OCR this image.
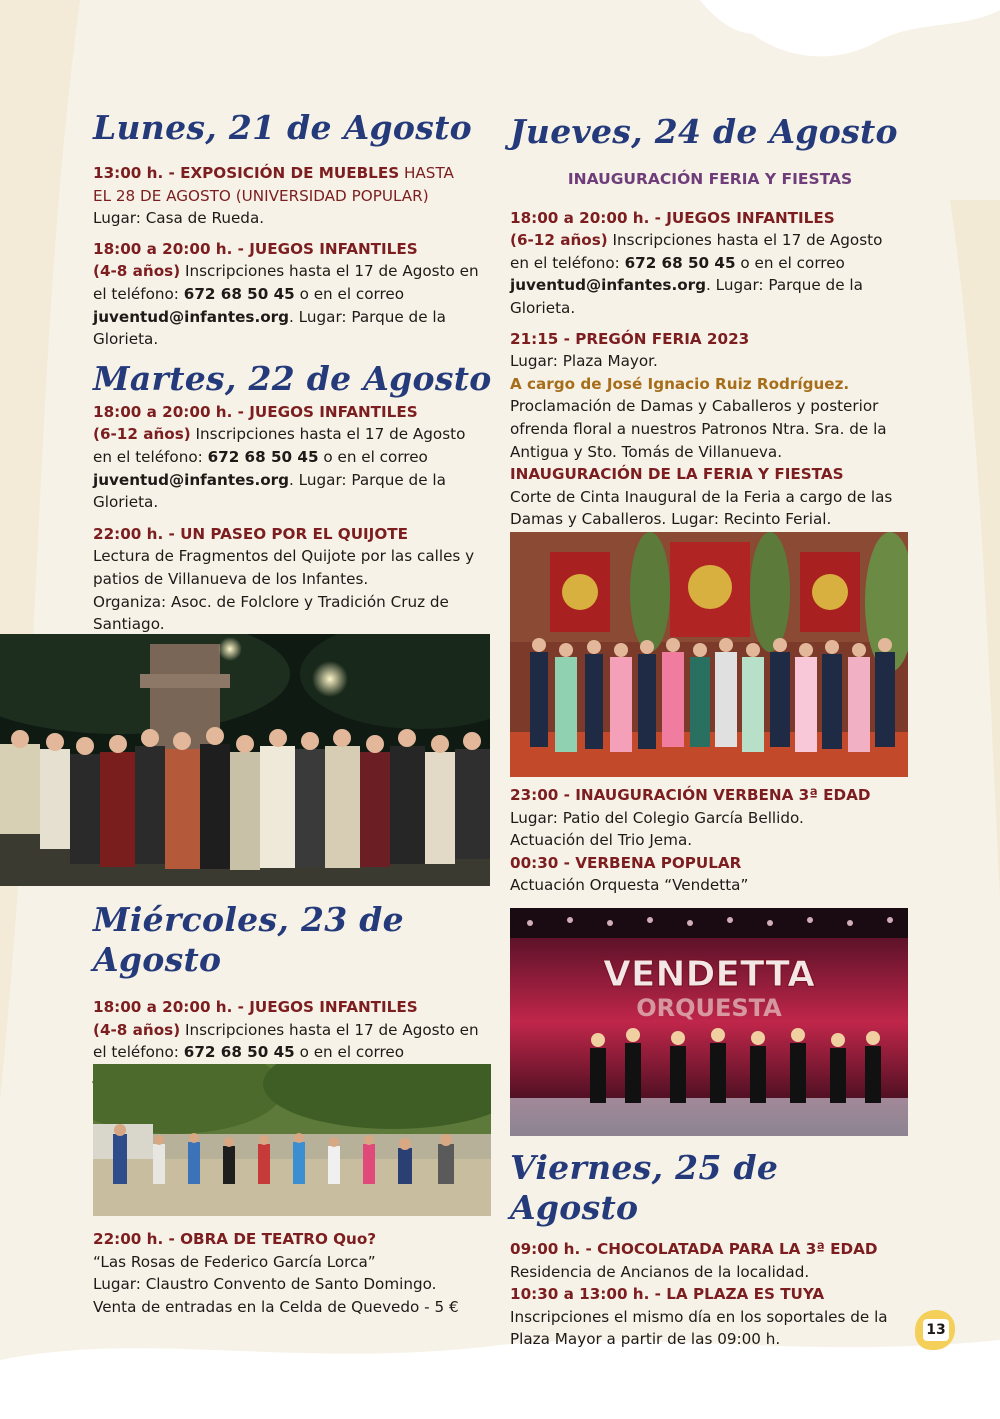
Lunes, 21 de Agosto

13:00 h. - EXPOSICIÓN DE MUEBLES HASTA

EL 28 DE AGOSTO (UNIVERSIDAD POPULAR)

Lugar: Casa de Rueda.

18:00 a 20:00 h. - JUEGOS INFANTILES

(4-8 años) Inscripciones hasta el 17 de Agosto en

el teléfono: 672 68 50 45 o en el correo

juventud@infantes.org. Lugar: Parque de la Glorieta.

Martes, 22 de Agosto

18:00 a 20:00 h. - JUEGOS INFANTILES

(6-12 años) Inscripciones hasta el 17 de Agosto

en el teléfono: 672 68 50 45 o en el correo

juventud@infantes.org. Lugar: Parque de la Glorieta.

22:00 h. - UN PASEO POR EL QUIJOTE

Lectura de Fragmentos del Quijote por las calles y

patios de Villanueva de los Infantes.

Organiza: Asoc. de Folclore y Tradición Cruz de

Santiago.

Miércoles, 23 de Agosto

18:00 a 20:00 h. - JUEGOS INFANTILES

(4-8 años) Inscripciones hasta el 17 de Agosto en

el teléfono: 672 68 50 45 o en el correo

22:00 h. - OBRA DE TEATRO Quo?

“Las Rosas de Federico García Lorca”

Lugar: Claustro Convento de Santo Domingo.

Venta de entradas en la Celda de Quevedo - 5 €

Jueves, 24 de Agosto

INAUGURACIÓN FERIA Y FIESTAS

18:00 a 20:00 h. - JUEGOS INFANTILES

(6-12 años) Inscripciones hasta el 17 de Agosto

en el teléfono: 672 68 50 45 o en el correo

juventud@infantes.org. Lugar: Parque de la Glorieta.

21:15 - PREGÓN FERIA 2023

Lugar: Plaza Mayor.

A cargo de José Ignacio Ruiz Rodríguez.

Proclamación de Damas y Caballeros y posterior

ofrenda floral a nuestros Patronos Ntra. Sra. de la

Antigua y Sto. Tomás de Villanueva.

INAUGURACIÓN DE LA FERIA Y FIESTAS

Corte de Cinta Inaugural de la Feria a cargo de las

Damas y Caballeros. Lugar: Recinto Ferial.

23:00 - INAUGURACIÓN VERBENA 3ª EDAD

Lugar: Patio del Colegio García Bellido.

Actuación del Trio Jema.

00:30 - VERBENA POPULAR

Actuación Orquesta “Vendetta”

VENDETTA
ORQUESTA
Viernes, 25 de Agosto

09:00 h. - CHOCOLATADA PARA LA 3ª EDAD

Residencia de Ancianos de la localidad.

10:30 a 13:00 h. - LA PLAZA ES TUYA

Inscripciones el mismo día en los soportales de la

Plaza Mayor a partir de las 09:00 h.

13
